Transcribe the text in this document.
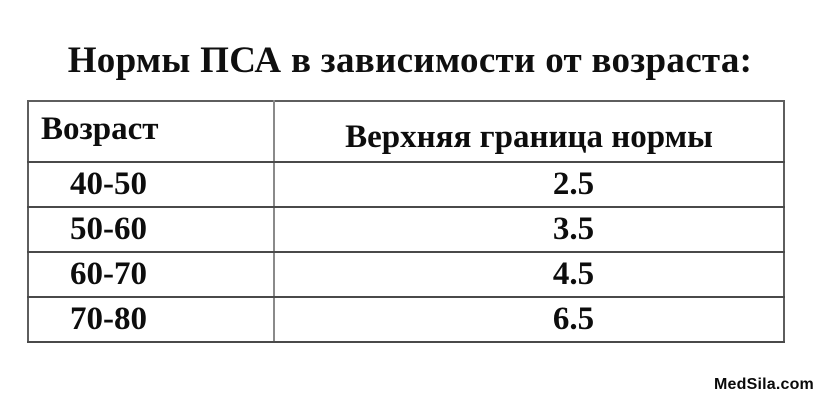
Нормы ПСА в зависимости от возраста:
Возраст	Верхняя граница нормы
40-50	2.5
50-60	3.5
60-70	4.5
70-80	6.5
MedSila.com
